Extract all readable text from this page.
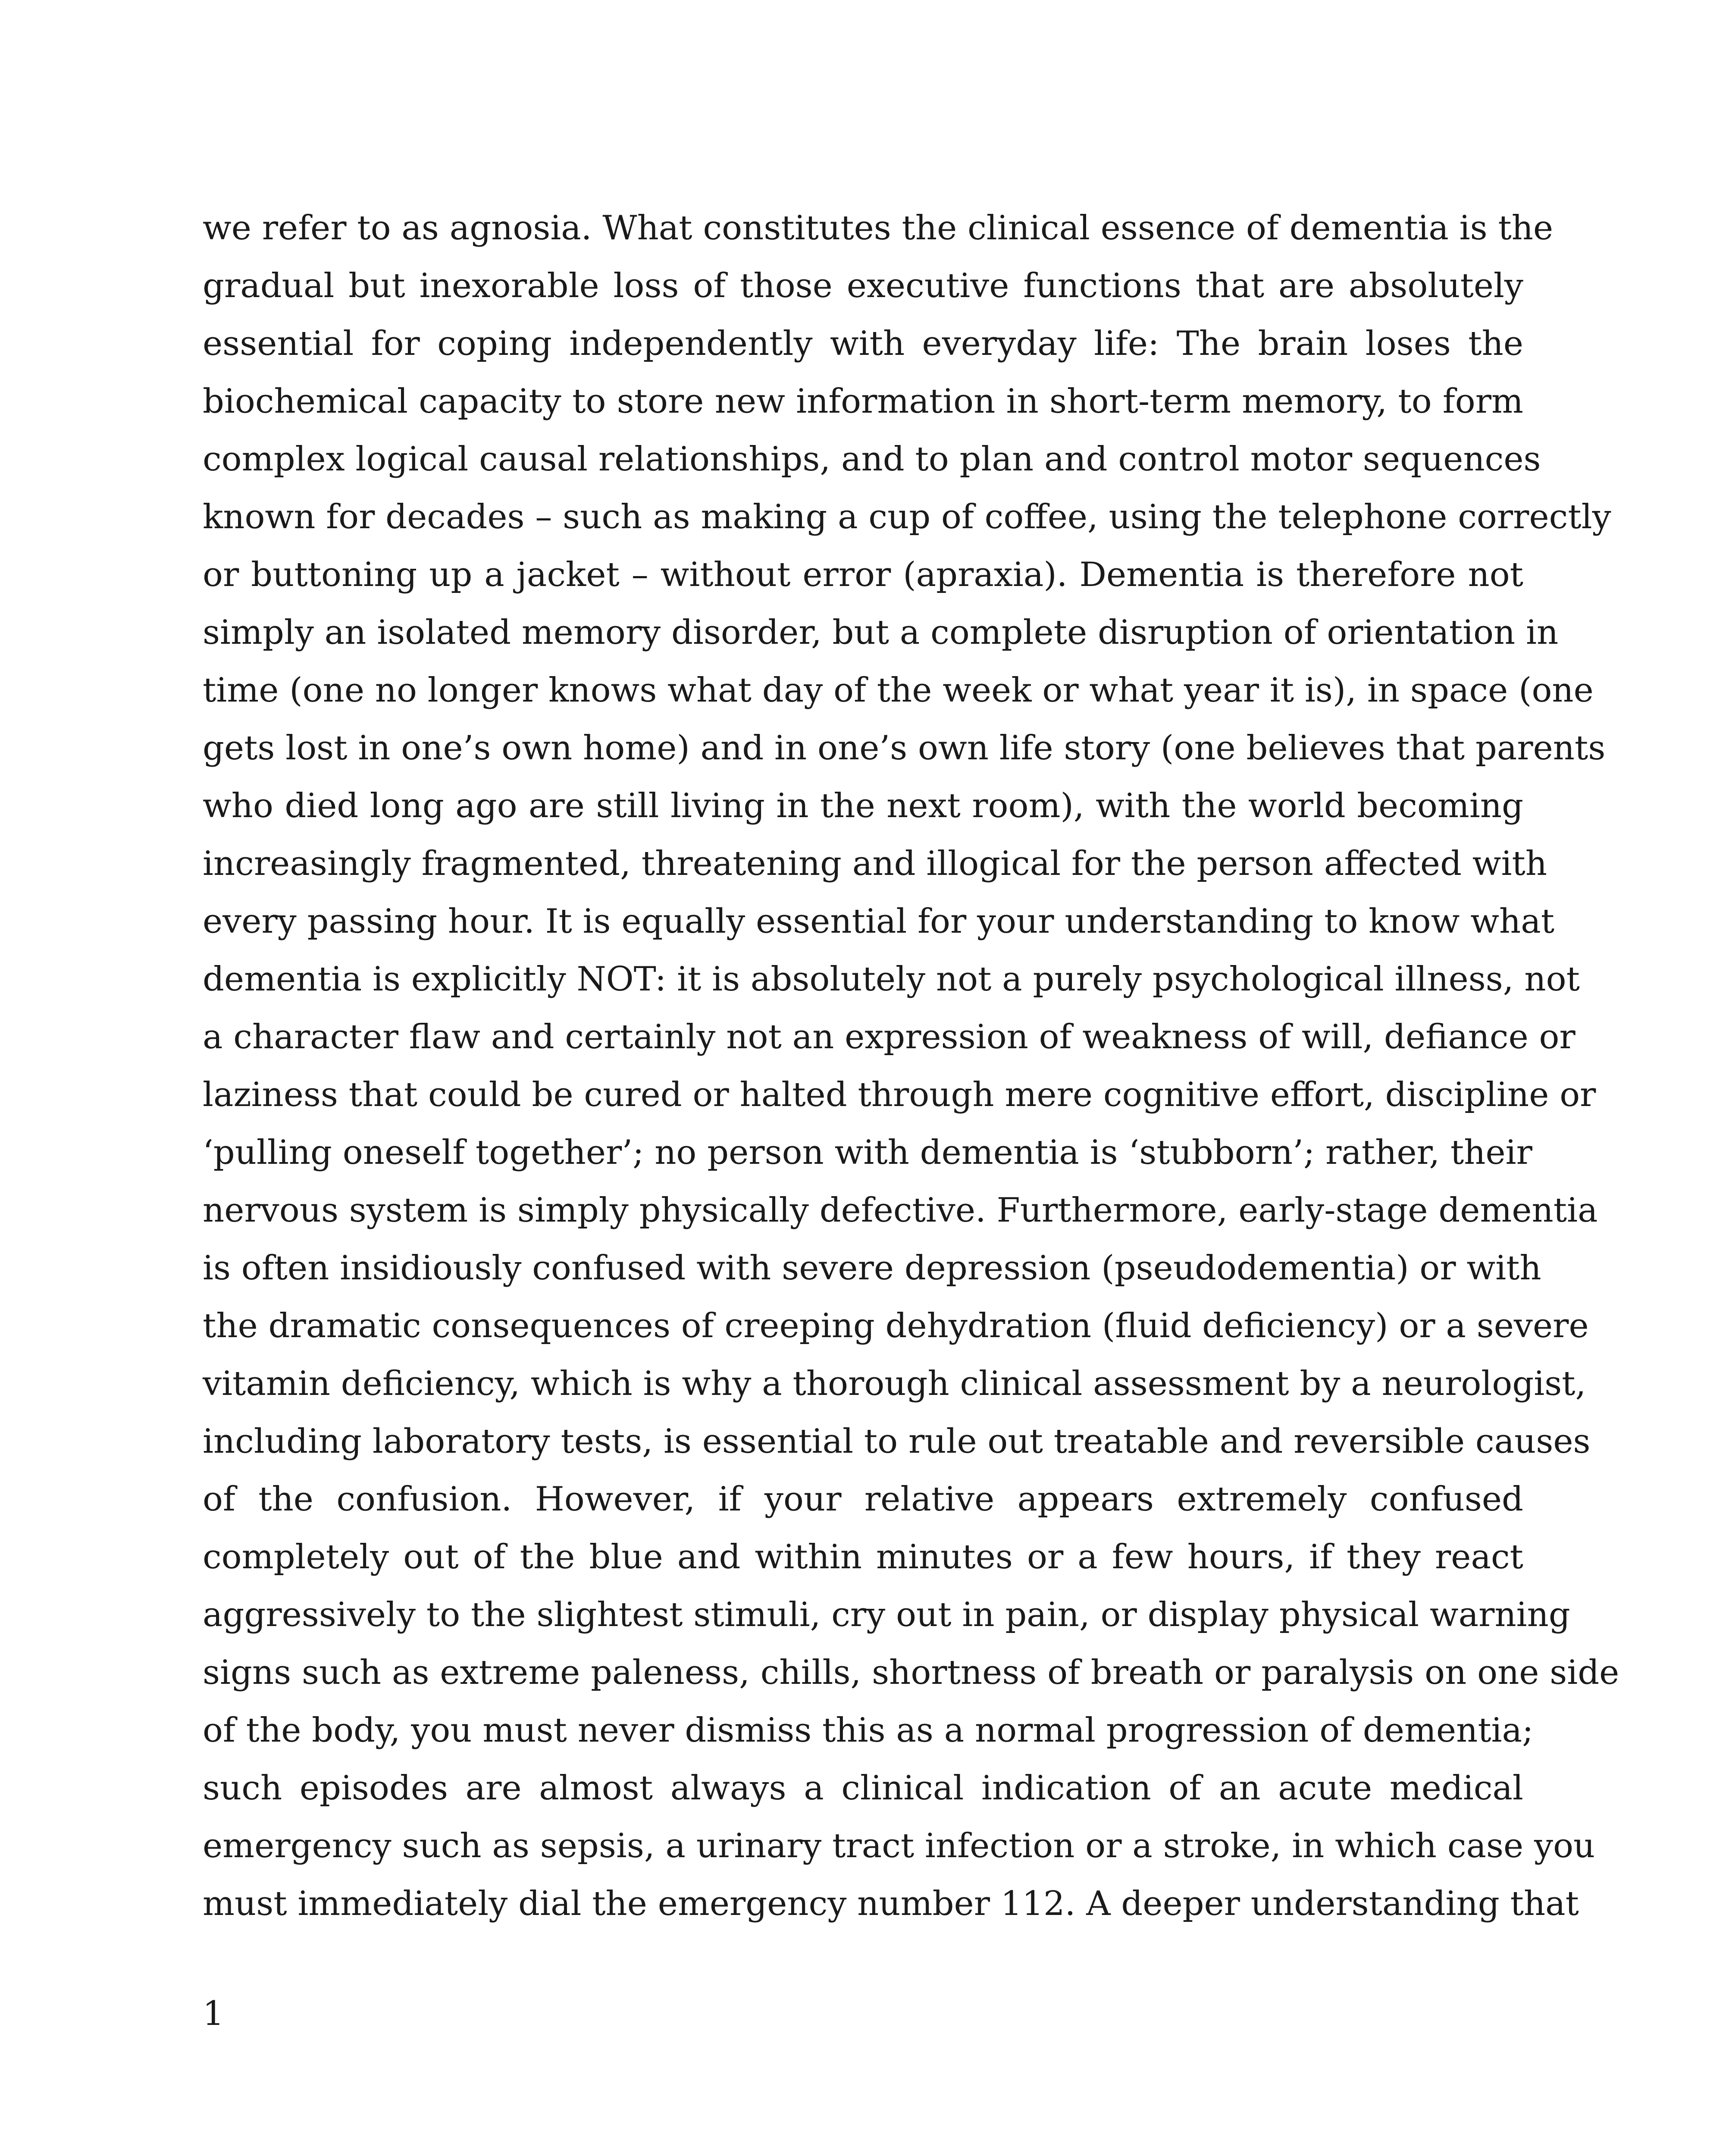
we refer to as agnosia. What constitutes the clinical essence of dementia is the
gradual but inexorable loss of those executive functions that are absolutely
essential for coping independently with everyday life: The brain loses the
biochemical capacity to store new information in short-term memory, to form
complex logical causal relationships, and to plan and control motor sequences
known for decades – such as making a cup of coffee, using the telephone correctly
or buttoning up a jacket – without error (apraxia). Dementia is therefore not
simply an isolated memory disorder, but a complete disruption of orientation in
time (one no longer knows what day of the week or what year it is), in space (one
gets lost in one’s own home) and in one’s own life story (one believes that parents
who died long ago are still living in the next room), with the world becoming
increasingly fragmented, threatening and illogical for the person affected with
every passing hour. It is equally essential for your understanding to know what
dementia is explicitly NOT: it is absolutely not a purely psychological illness, not
a character flaw and certainly not an expression of weakness of will, defiance or
laziness that could be cured or halted through mere cognitive effort, discipline or
‘pulling oneself together’; no person with dementia is ‘stubborn’; rather, their
nervous system is simply physically defective. Furthermore, early-stage dementia
is often insidiously confused with severe depression (pseudodementia) or with
the dramatic consequences of creeping dehydration (fluid deficiency) or a severe
vitamin deficiency, which is why a thorough clinical assessment by a neurologist,
including laboratory tests, is essential to rule out treatable and reversible causes
of the confusion. However, if your relative appears extremely confused
completely out of the blue and within minutes or a few hours, if they react
aggressively to the slightest stimuli, cry out in pain, or display physical warning
signs such as extreme paleness, chills, shortness of breath or paralysis on one side
of the body, you must never dismiss this as a normal progression of dementia;
such episodes are almost always a clinical indication of an acute medical
emergency such as sepsis, a urinary tract infection or a stroke, in which case you
must immediately dial the emergency number 112. A deeper understanding that
1
